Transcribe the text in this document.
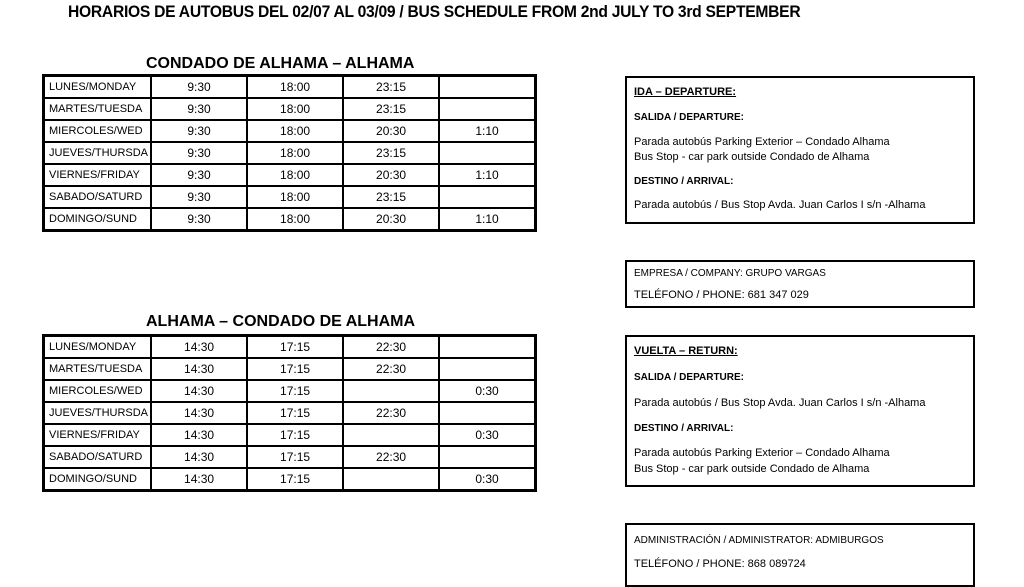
HORARIOS DE AUTOBUS DEL 02/07 AL 03/09 / BUS SCHEDULE FROM 2nd JULY TO 3rd SEPTEMBER
CONDADO DE ALHAMA – ALHAMA
LUNES/MONDAY	9:30	18:00	23:15	
MARTES/TUESDA	9:30	18:00	23:15	
MIERCOLES/WED	9:30	18:00	20:30	1:10
JUEVES/THURSDA	9:30	18:00	23:15	
VIERNES/FRIDAY	9:30	18:00	20:30	1:10
SABADO/SATURD	9:30	18:00	23:15	
DOMINGO/SUND	9:30	18:00	20:30	1:10
ALHAMA – CONDADO DE ALHAMA
LUNES/MONDAY	14:30	17:15	22:30	
MARTES/TUESDA	14:30	17:15	22:30	
MIERCOLES/WED	14:30	17:15		0:30
JUEVES/THURSDA	14:30	17:15	22:30	
VIERNES/FRIDAY	14:30	17:15		0:30
SABADO/SATURD	14:30	17:15	22:30	
DOMINGO/SUND	14:30	17:15		0:30
IDA – DEPARTURE:
SALIDA / DEPARTURE:
Parada autobús Parking Exterior – Condado Alhama
Bus Stop - car park outside Condado de Alhama
DESTINO / ARRIVAL:
Parada autobús / Bus Stop Avda. Juan Carlos I s/n -Alhama
EMPRESA / COMPANY: GRUPO VARGAS
TELÉFONO / PHONE: 681 347 029
VUELTA – RETURN:
SALIDA / DEPARTURE:
Parada autobús / Bus Stop Avda. Juan Carlos I s/n -Alhama
DESTINO / ARRIVAL:
Parada autobús Parking Exterior – Condado Alhama
Bus Stop - car park outside Condado de Alhama
ADMINISTRACIÓN / ADMINISTRATOR: ADMIBURGOS
TELÉFONO / PHONE: 868 089724
